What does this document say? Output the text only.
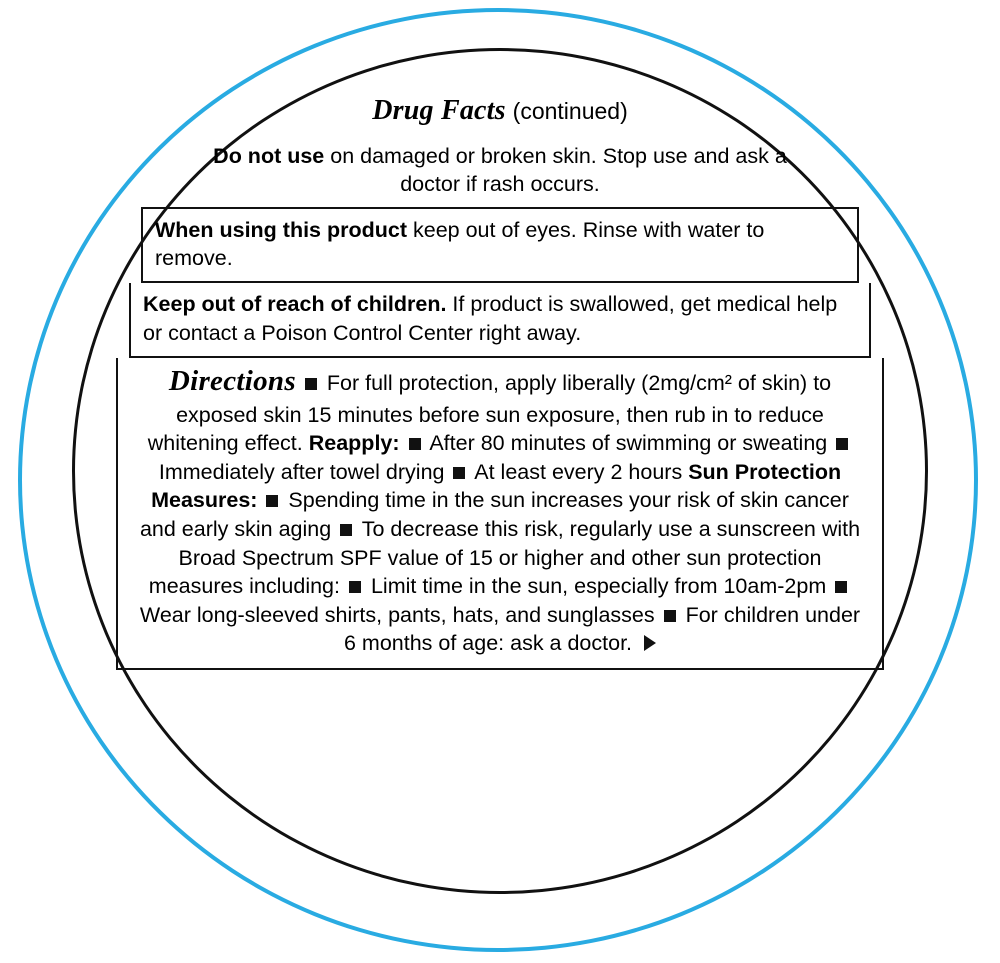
Drug Facts (continued)
Do not use on damaged or broken skin. Stop use and ask a doctor if rash occurs.
When using this product keep out of eyes. Rinse with water to remove.
Keep out of reach of children. If product is swallowed, get medical help or contact a Poison Control Center right away.
Directions For full protection, apply liberally (2mg/cm² of skin) to exposed skin 15 minutes before sun exposure, then rub in to reduce whitening effect. Reapply: After 80 minutes of swimming or sweating  Immediately after towel drying At least every 2 hours Sun Protection Measures: Spending time in the sun increases your risk of skin cancer and early skin aging To decrease this risk, regularly use a sunscreen with Broad Spectrum SPF value of 15 or higher and other sun protection measures including: Limit time in the sun, especially from 10am-2pm  Wear long-sleeved shirts, pants, hats, and sunglasses For children under 6 months of age: ask a doctor.
